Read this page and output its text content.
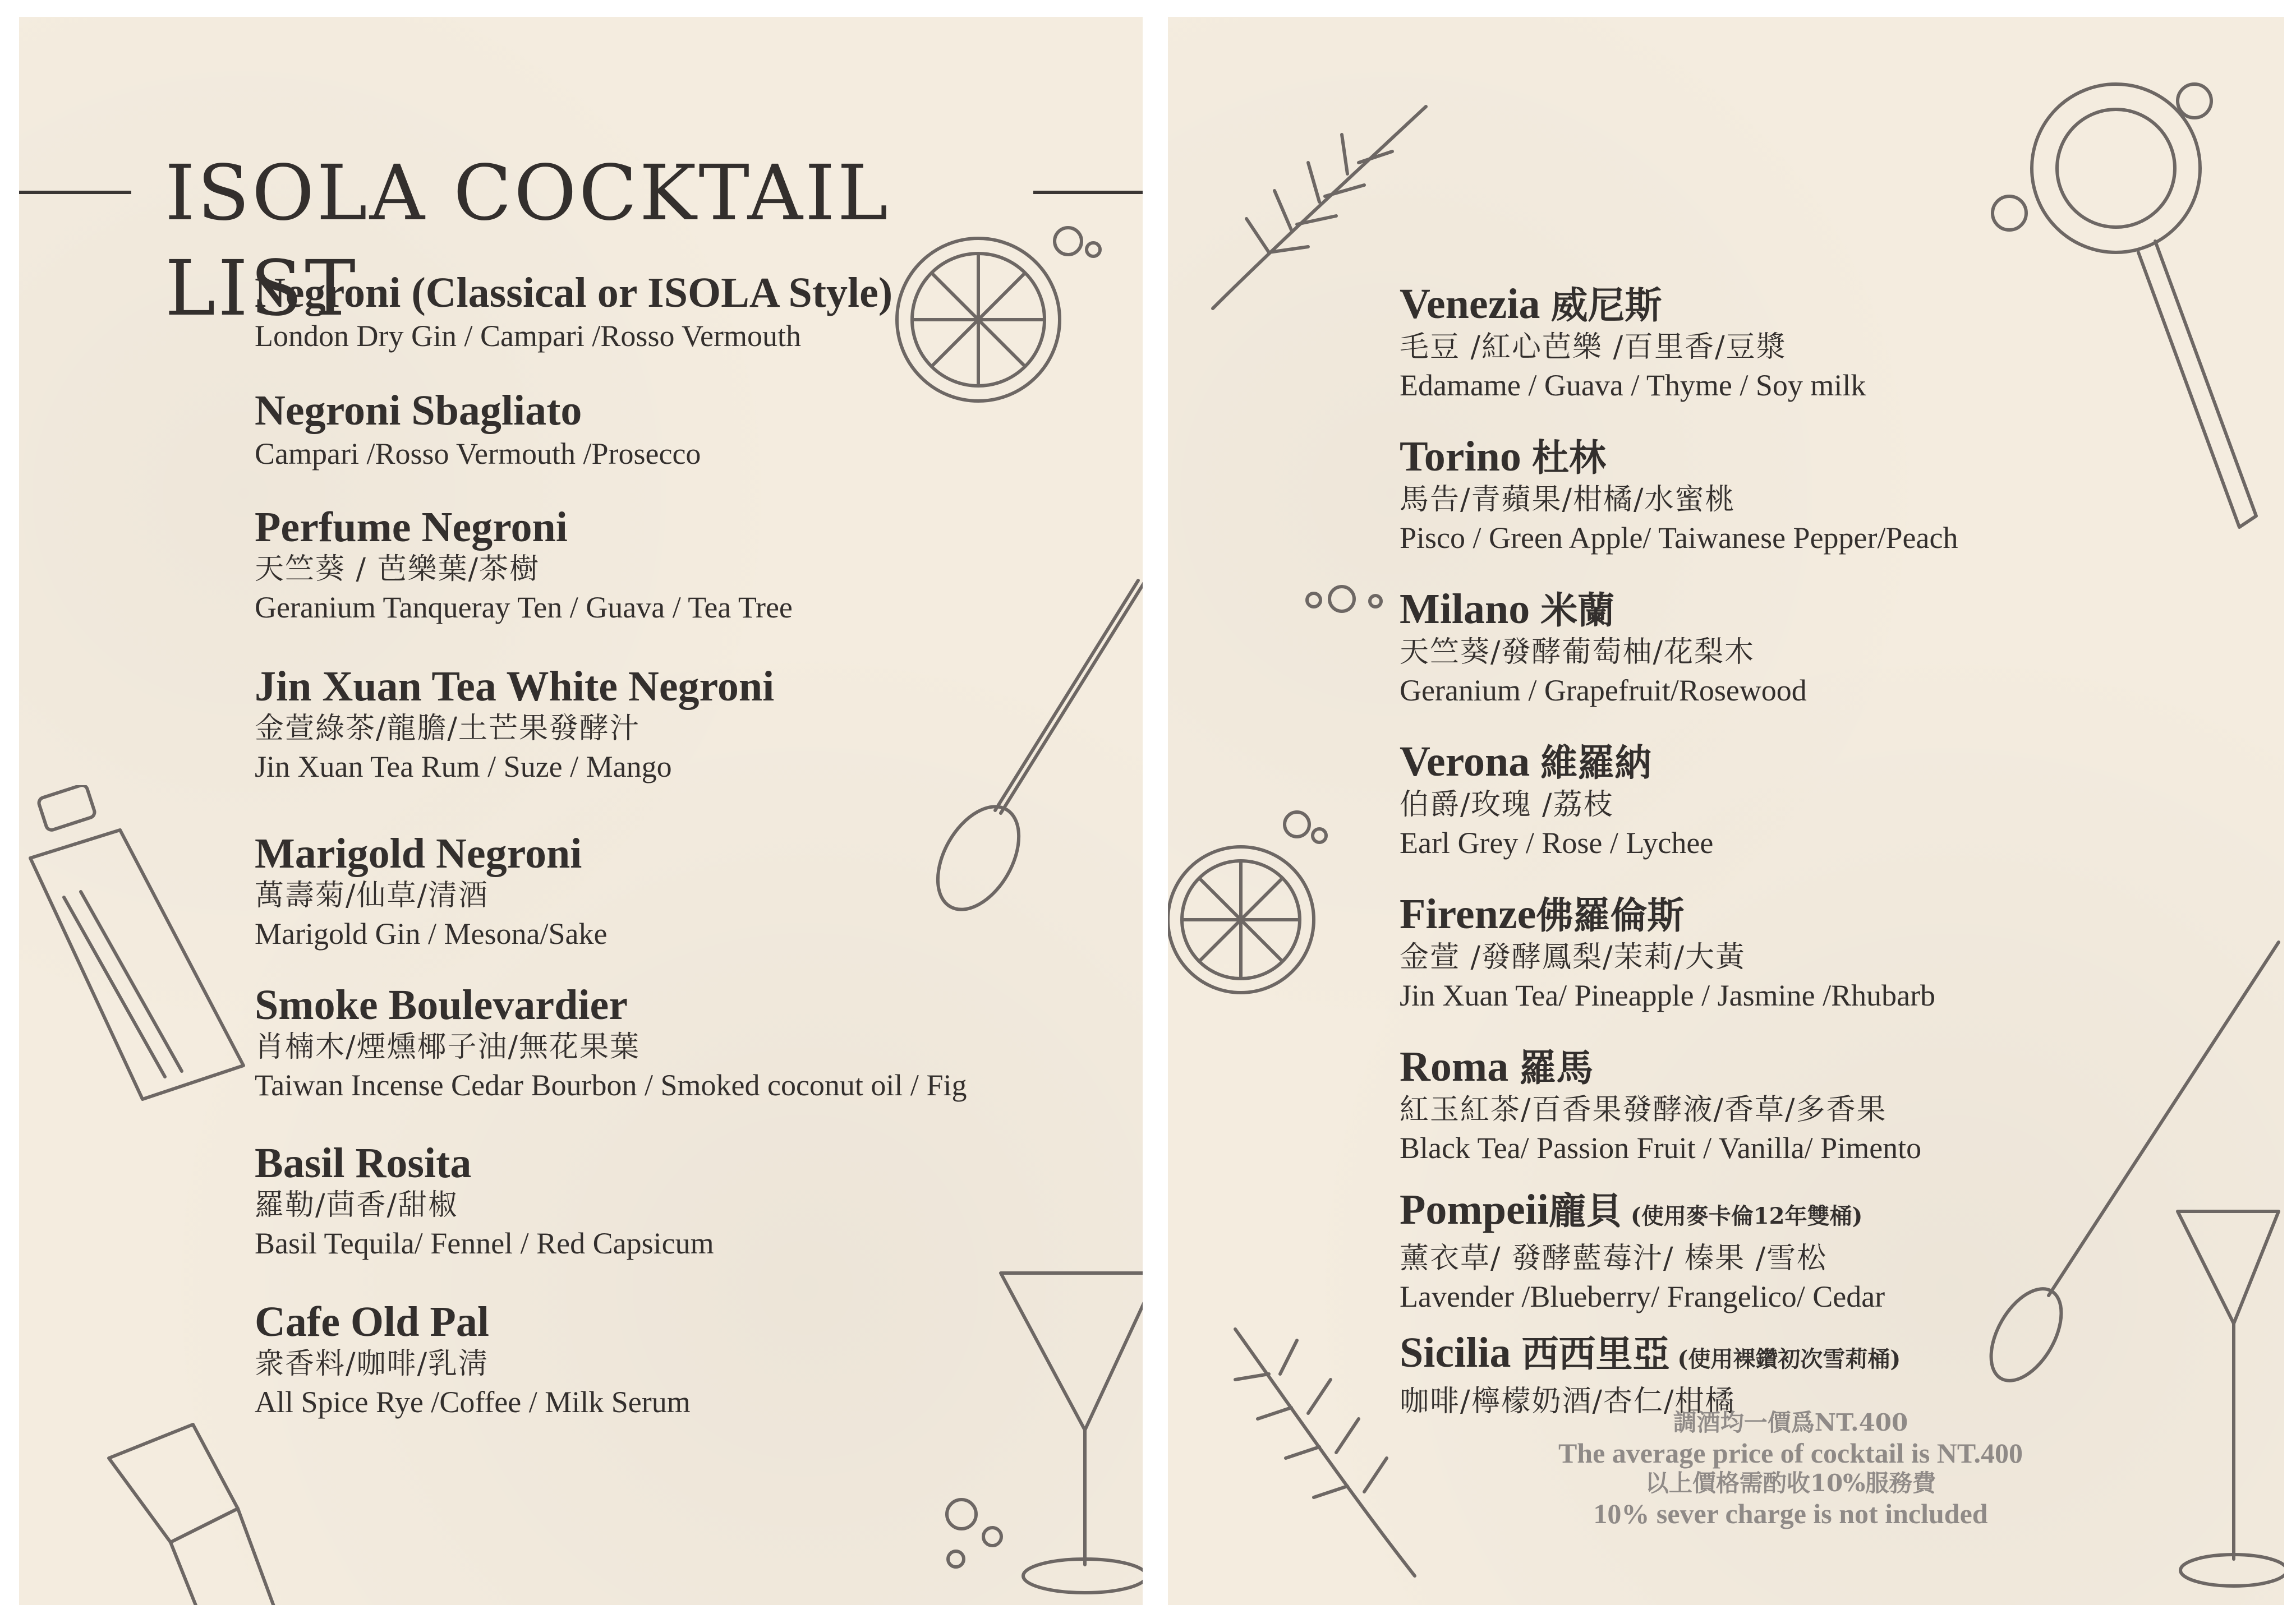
ISOLA COCKTAIL LIST
Negroni (Classical or ISOLA Style)
London Dry Gin / Campari /Rosso Vermouth
Negroni Sbagliato
Campari /Rosso Vermouth /Prosecco
Perfume Negroni
天竺葵 / 芭樂葉/茶樹
Geranium Tanqueray Ten / Guava / Tea Tree
Jin Xuan Tea White Negroni
金萱綠茶/龍膽/土芒果發酵汁
Jin Xuan Tea Rum / Suze / Mango
Marigold Negroni
萬壽菊/仙草/清酒
Marigold Gin / Mesona/Sake
Smoke Boulevardier
肖楠木/煙燻椰子油/無花果葉
Taiwan Incense Cedar Bourbon / Smoked coconut oil / Fig
Basil Rosita
羅勒/茴香/甜椒
Basil Tequila/ Fennel / Red Capsicum
Cafe Old Pal
衆香料/咖啡/乳淸
All Spice Rye /Coffee / Milk Serum
Venezia 威尼斯
毛豆 /紅心芭樂 /百里香/豆漿
Edamame / Guava / Thyme / Soy milk
Torino 杜林
馬告/青蘋果/柑橘/水蜜桃
Pisco / Green Apple/ Taiwanese Pepper/Peach
Milano 米蘭
天竺葵/發酵葡萄柚/花梨木
Geranium / Grapefruit/Rosewood
Verona 維羅納
伯爵/玫瑰 /荔枝
Earl Grey / Rose / Lychee
Firenze佛羅倫斯
金萱 /發酵鳳梨/茉莉/大黃
Jin Xuan Tea/ Pineapple / Jasmine /Rhubarb
Roma 羅馬
紅玉紅茶/百香果發酵液/香草/多香果
Black Tea/ Passion Fruit / Vanilla/ Pimento
Pompeii龐貝 (使用麥卡倫12年雙桶)
薰衣草/ 發酵藍莓汁/ 榛果 /雪松
Lavender /Blueberry/ Frangelico/ Cedar
Sicilia 西西里亞 (使用裸鑽初次雪莉桶)
咖啡/檸檬奶酒/杏仁/柑橘
調酒均一價爲NT.400
The average price of cocktail is NT.400
以上價格需酌收10%服務費
10% sever charge is not included
